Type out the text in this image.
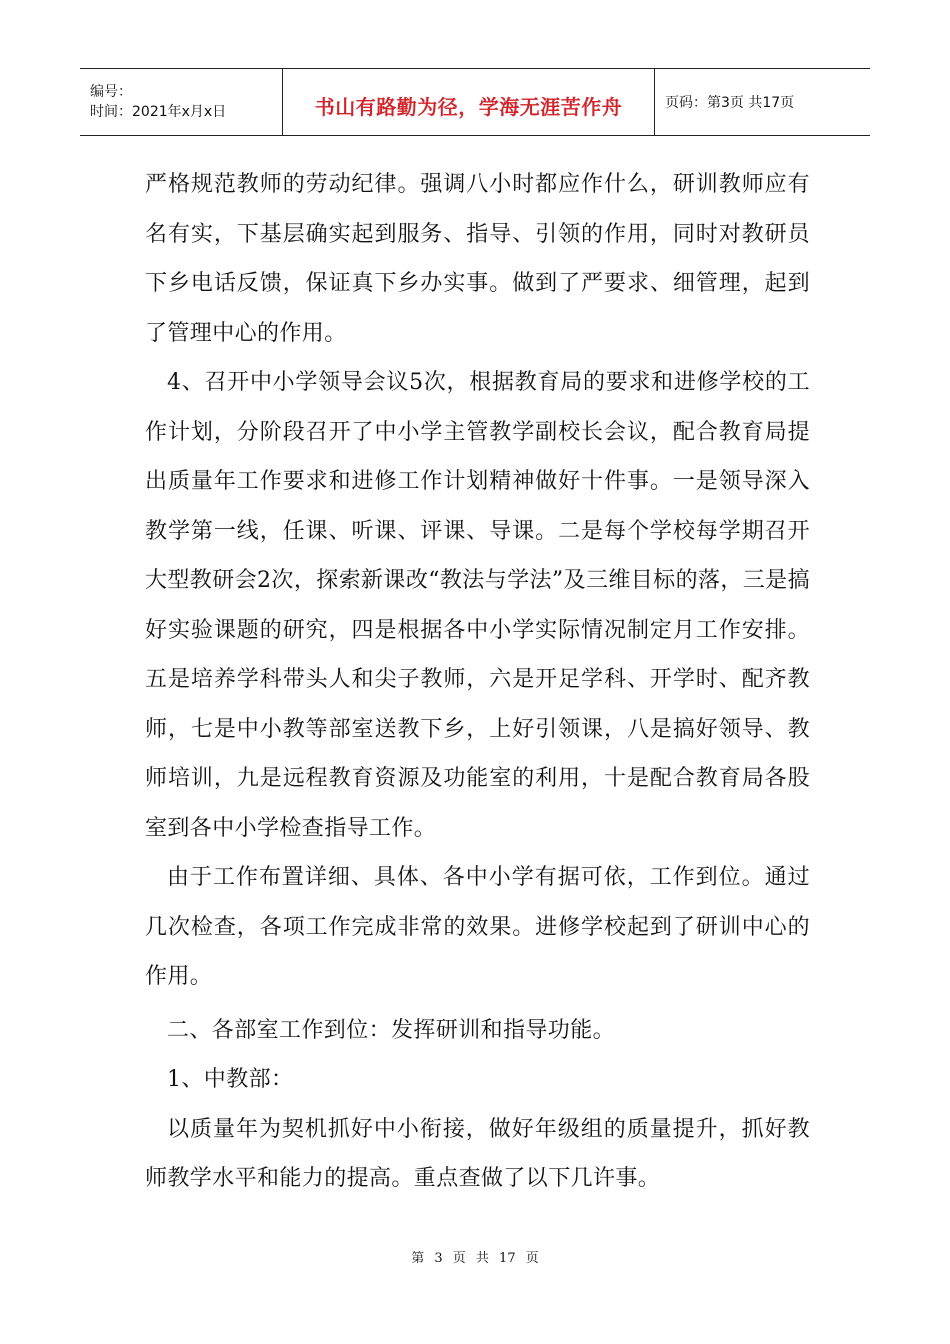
编号：
时间：2021年x月x日	书山有路勤为径，学海无涯苦作舟	页码：第3页 共17页

严格规范教师的劳动纪律。强调八小时都应作什么，研训教师应有名有实，下基层确实起到服务、指导、引领的作用，同时对教研员下乡电话反馈，保证真下乡办实事。做到了严要求、细管理，起到了管理中心的作用。

4、召开中小学领导会议5次，根据教育局的要求和进修学校的工作计划，分阶段召开了中小学主管教学副校长会议，配合教育局提出质量年工作要求和进修工作计划精神做好十件事。一是领导深入教学第一线，任课、听课、评课、导课。二是每个学校每学期召开大型教研会2次，探索新课改“教法与学法”及三维目标的落，三是搞好实验课题的研究，四是根据各中小学实际情况制定月工作安排。五是培养学科带头人和尖子教师，六是开足学科、开学时、配齐教师，七是中小教等部室送教下乡，上好引领课，八是搞好领导、教师培训，九是远程教育资源及功能室的利用，十是配合教育局各股室到各中小学检查指导工作。

由于工作布置详细、具体、各中小学有据可依，工作到位。通过几次检查，各项工作完成非常的效果。进修学校起到了研训中心的作用。

二、各部室工作到位：发挥研训和指导功能。

1、中教部：

以质量年为契机抓好中小衔接，做好年级组的质量提升，抓好教师教学水平和能力的提高。重点查做了以下几许事。

第 3 页 共 17 页
